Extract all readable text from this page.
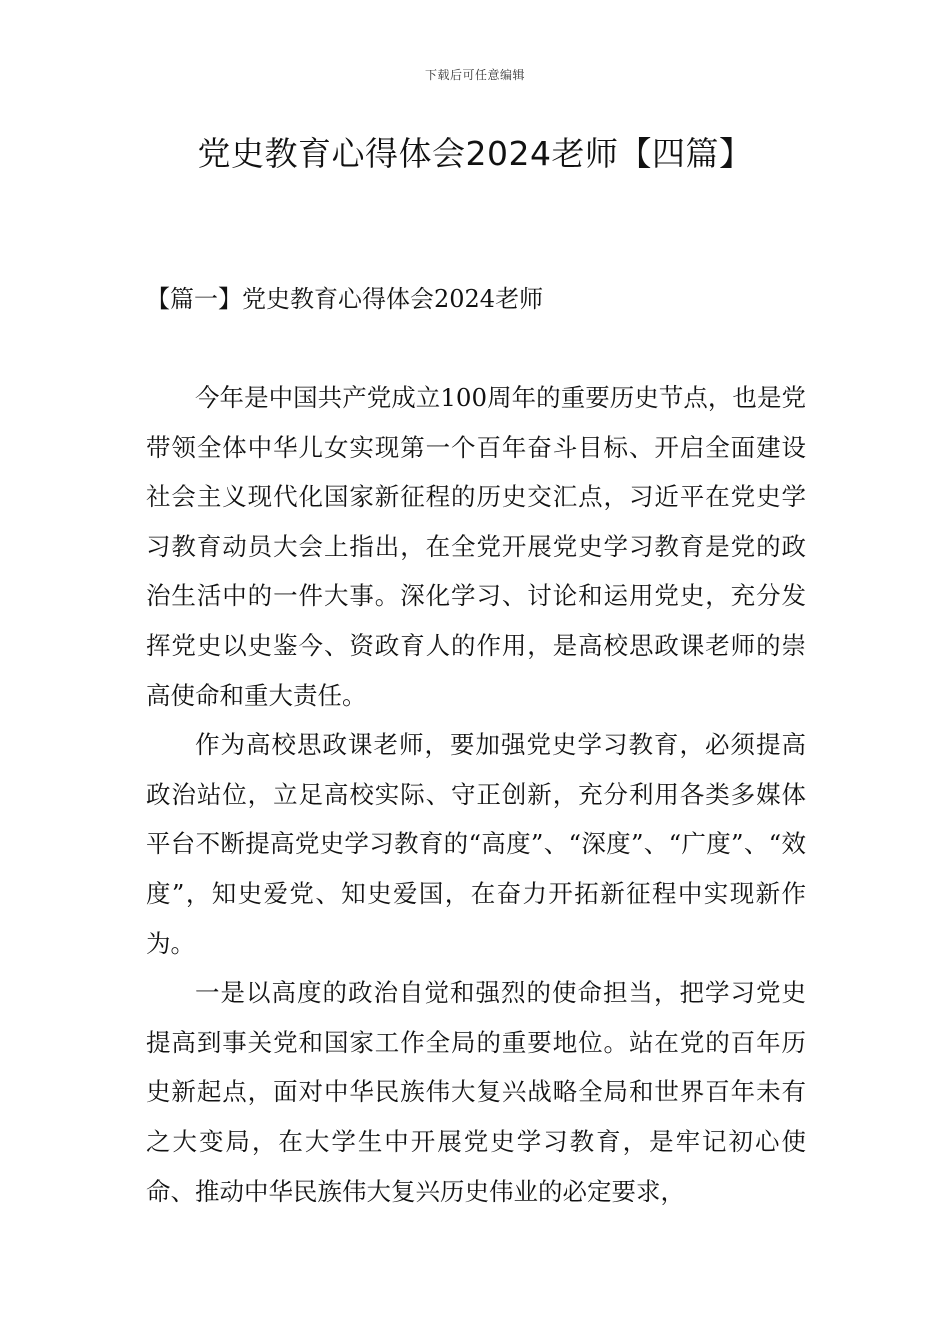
下载后可任意编辑
党史教育心得体会2024老师【四篇】
【篇一】党史教育心得体会2024老师

今年是中国共产党成立100周年的重要历史节点，也是党带领全体中华儿女实现第一个百年奋斗目标、开启全面建设社会主义现代化国家新征程的历史交汇点，习近平在党史学习教育动员大会上指出，在全党开展党史学习教育是党的政治生活中的一件大事。深化学习、讨论和运用党史，充分发挥党史以史鉴今、资政育人的作用，是高校思政课老师的崇高使命和重大责任。

作为高校思政课老师，要加强党史学习教育，必须提高政治站位，立足高校实际、守正创新，充分利用各类多媒体平台不断提高党史学习教育的“高度”、“深度”、“广度”、“效度”，知史爱党、知史爱国，在奋力开拓新征程中实现新作为。

一是以高度的政治自觉和强烈的使命担当，把学习党史提高到事关党和国家工作全局的重要地位。站在党的百年历史新起点，面对中华民族伟大复兴战略全局和世界百年未有之大变局，在大学生中开展党史学习教育，是牢记初心使命、推动中华民族伟大复兴历史伟业的必定要求，
